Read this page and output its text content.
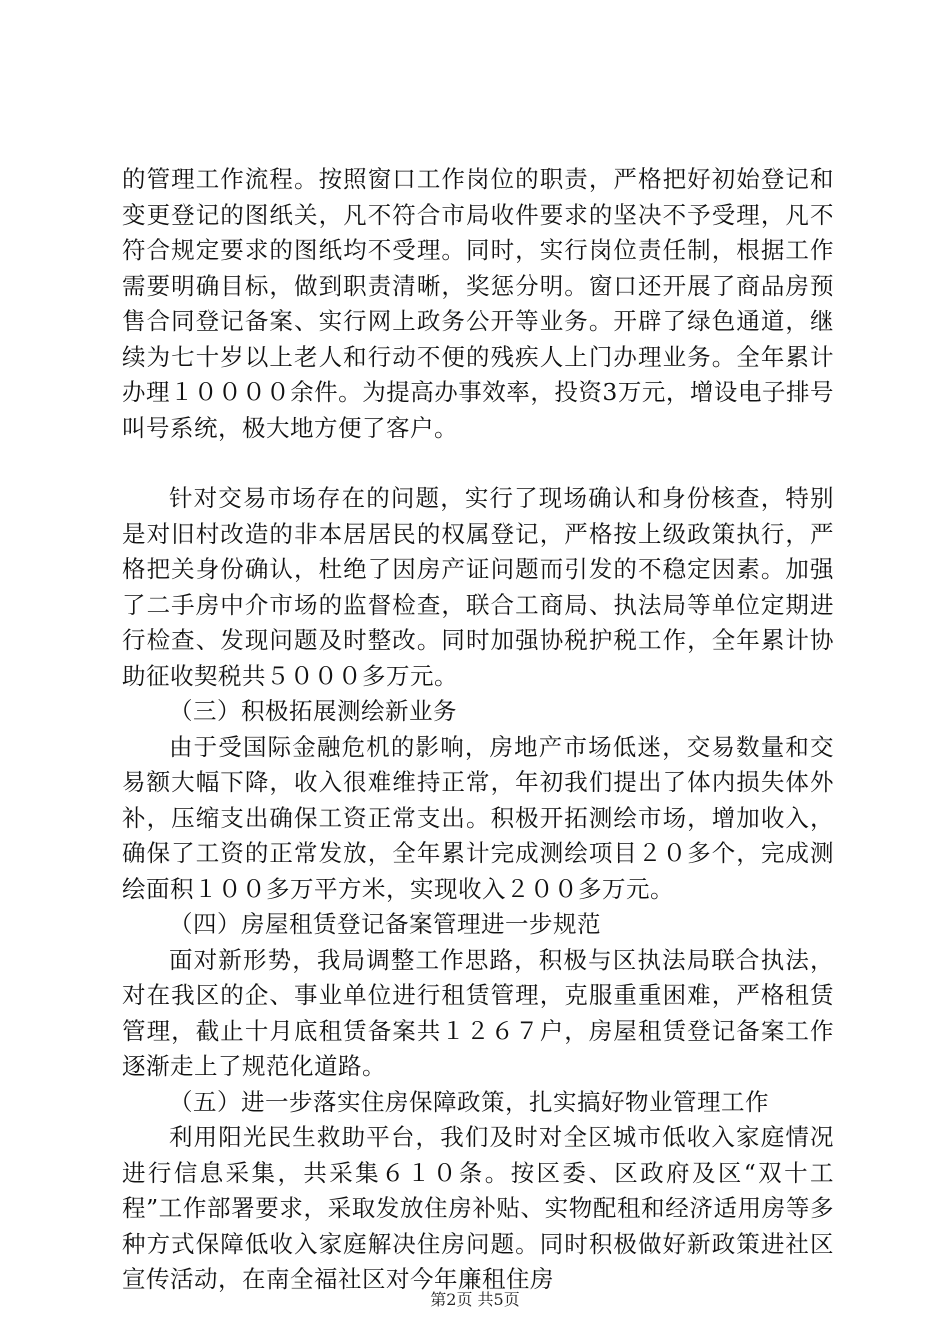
的管理工作流程。按照窗口工作岗位的职责，严格把好初始登记和变更登记的图纸关，凡不符合市局收件要求的坚决不予受理，凡不符合规定要求的图纸均不受理。同时，实行岗位责任制，根据工作需要明确目标，做到职责清晰，奖惩分明。窗口还开展了商品房预售合同登记备案、实行网上政务公开等业务。开辟了绿色通道，继续为七十岁以上老人和行动不便的残疾人上门办理业务。全年累计办理１００００余件。为提高办事效率，投资3万元，增设电子排号叫号系统，极大地方便了客户。

针对交易市场存在的问题，实行了现场确认和身份核查，特别是对旧村改造的非本居居民的权属登记，严格按上级政策执行，严格把关身份确认，杜绝了因房产证问题而引发的不稳定因素。加强了二手房中介市场的监督检查，联合工商局、执法局等单位定期进行检查、发现问题及时整改。同时加强协税护税工作，全年累计协助征收契税共５０００多万元。

（三）积极拓展测绘新业务

由于受国际金融危机的影响，房地产市场低迷，交易数量和交易额大幅下降，收入很难维持正常，年初我们提出了体内损失体外补，压缩支出确保工资正常支出。积极开拓测绘市场，增加收入，确保了工资的正常发放，全年累计完成测绘项目２０多个，完成测绘面积１００多万平方米，实现收入２００多万元。

（四）房屋租赁登记备案管理进一步规范

面对新形势，我局调整工作思路，积极与区执法局联合执法，对在我区的企、事业单位进行租赁管理，克服重重困难，严格租赁管理，截止十月底租赁备案共１２６７户，房屋租赁登记备案工作逐渐走上了规范化道路。

（五）进一步落实住房保障政策，扎实搞好物业管理工作

利用阳光民生救助平台，我们及时对全区城市低收入家庭情况进行信息采集，共采集６１０条。按区委、区政府及区“双十工程”工作部署要求，采取发放住房补贴、实物配租和经济适用房等多种方式保障低收入家庭解决住房问题。同时积极做好新政策进社区宣传活动，在南全福社区对今年廉租住房

第2页 共5页
